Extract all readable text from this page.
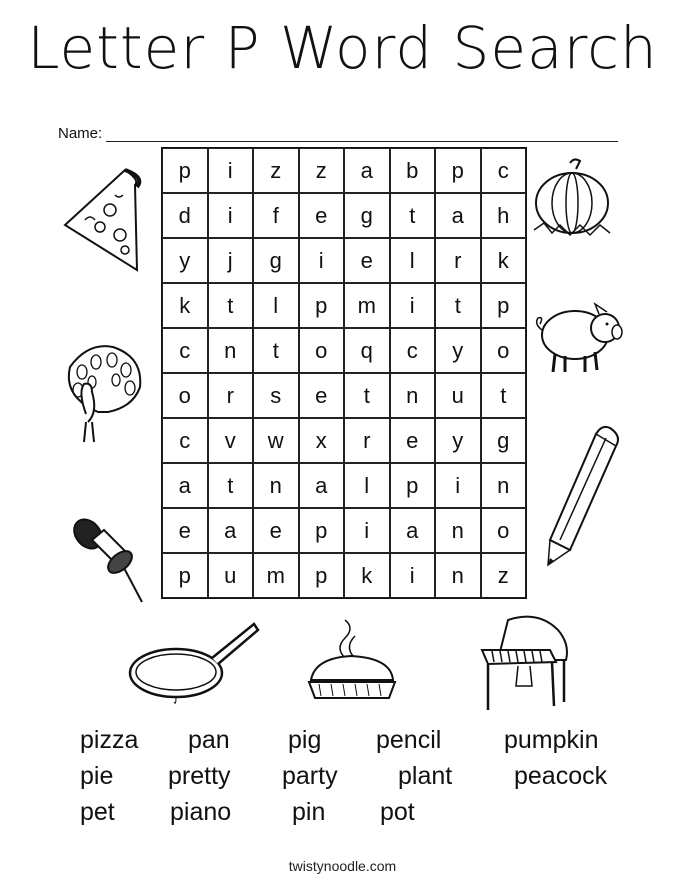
Letter P Word Search
Name:
p	i	z	z	a	b	p	c
d	i	f	e	g	t	a	h
y	j	g	i	e	l	r	k
k	t	l	p	m	i	t	p
c	n	t	o	q	c	y	o
o	r	s	e	t	n	u	t
c	v	w	x	r	e	y	g
a	t	n	a	l	p	i	n
e	a	e	p	i	a	n	o
p	u	m	p	k	i	n	z
pizza pan pig pencil	pumpkin
pie pretty party plant peacock
pet piano pin pot
twistynoodle.com
